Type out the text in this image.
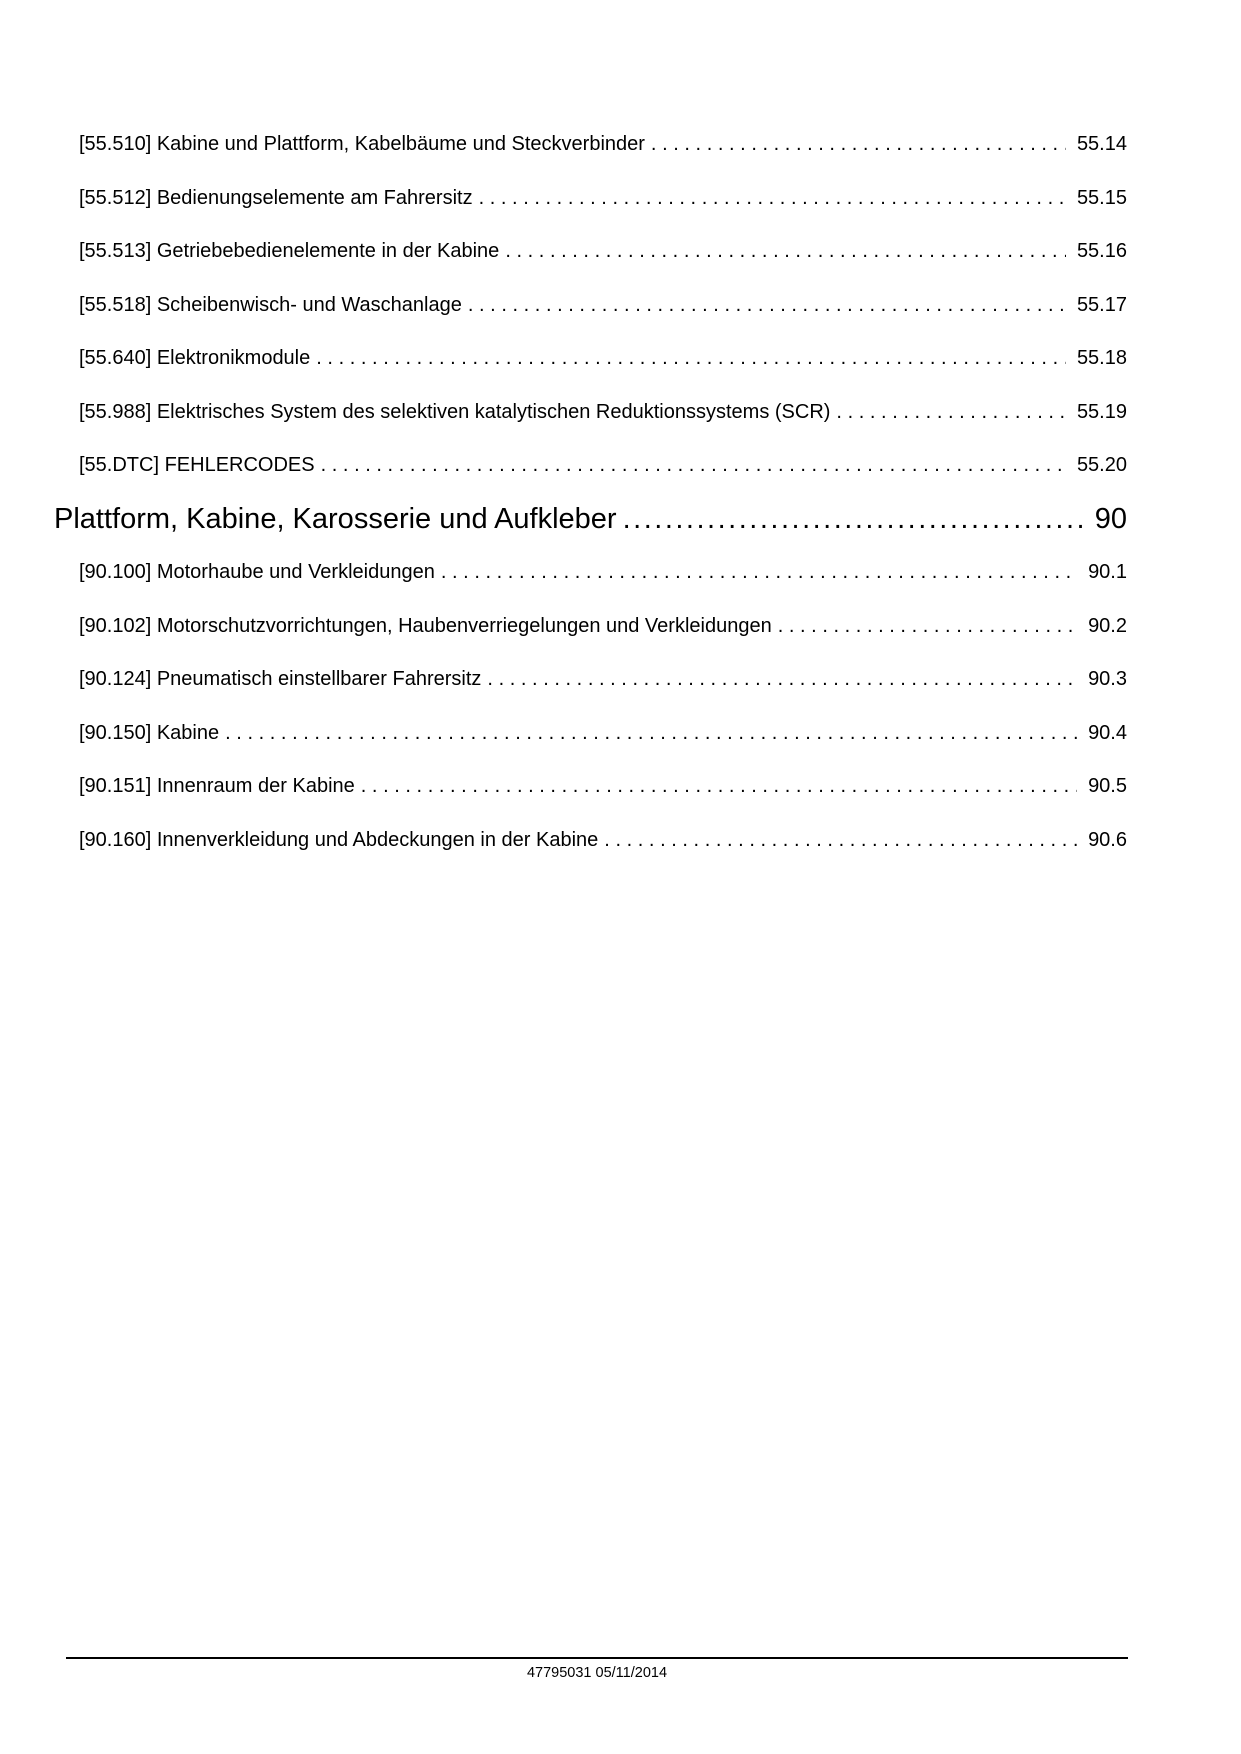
[55.510] Kabine und Plattform, Kabelbäume und Steckverbinder .....	55.14
[55.512] Bedienungselemente am Fahrersitz .....	55.15
[55.513] Getriebebedienelemente in der Kabine .....	55.16
[55.518] Scheibenwisch- und Waschanlage .....	55.17
[55.640] Elektronikmodule .....	55.18
[55.988] Elektrisches System des selektiven katalytischen Reduktionssystems (SCR) .....	55.19
[55.DTC] FEHLERCODES .....	55.20
Plattform, Kabine, Karosserie und Aufkleber .....	90
[90.100] Motorhaube und Verkleidungen .....	90.1
[90.102] Motorschutzvorrichtungen, Haubenverriegelungen und Verkleidungen .....	90.2
[90.124] Pneumatisch einstellbarer Fahrersitz .....	90.3
[90.150] Kabine .....	90.4
[90.151] Innenraum der Kabine .....	90.5
[90.160] Innenverkleidung und Abdeckungen in der Kabine .....	90.6
47795031 05/11/2014
